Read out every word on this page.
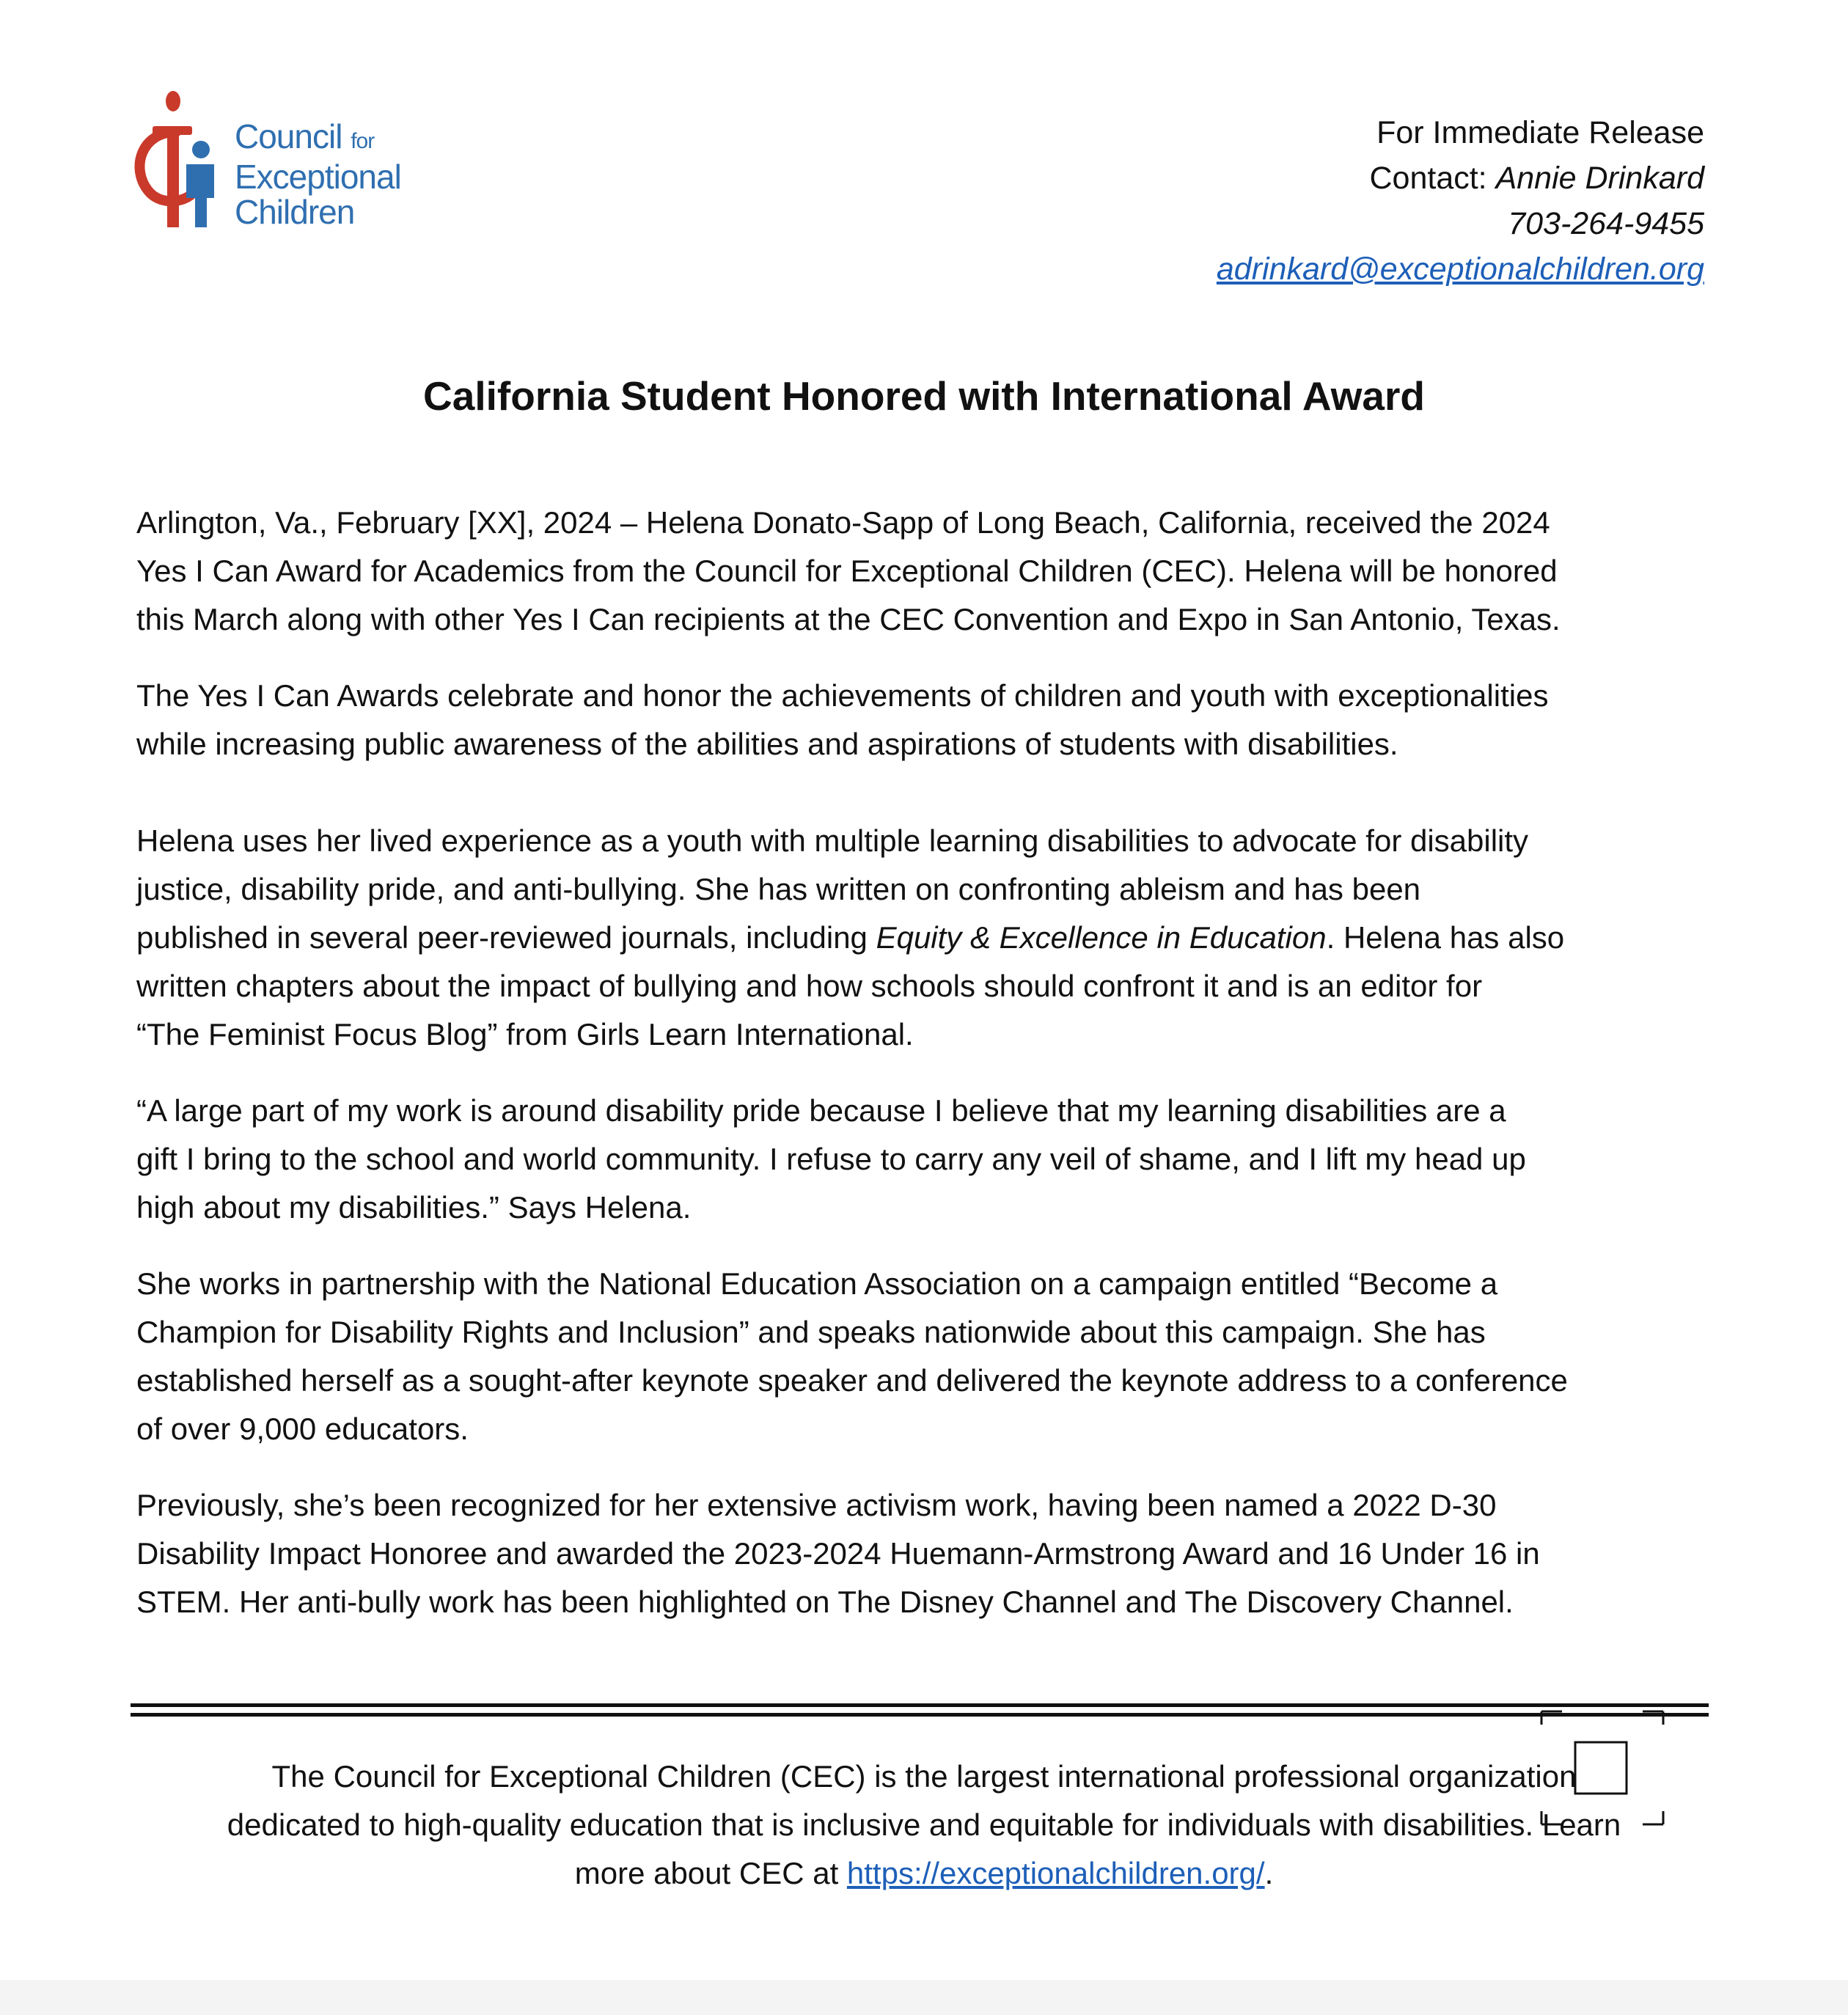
Council for
Exceptional
Children
For Immediate Release
Contact: Annie Drinkard
703-264-9455
adrinkard@exceptionalchildren.org
California Student Honored with International Award

Arlington, Va., February [XX], 2024 – Helena Donato-Sapp of Long Beach, California, received the 2024
Yes I Can Award for Academics from the Council for Exceptional Children (CEC). Helena will be honored
this March along with other Yes I Can recipients at the CEC Convention and Expo in San Antonio, Texas.

The Yes I Can Awards celebrate and honor the achievements of children and youth with exceptionalities
while increasing public awareness of the abilities and aspirations of students with disabilities.

Helena uses her lived experience as a youth with multiple learning disabilities to advocate for disability
justice, disability pride, and anti-bullying. She has written on confronting ableism and has been
published in several peer-reviewed journals, including Equity & Excellence in Education. Helena has also
written chapters about the impact of bullying and how schools should confront it and is an editor for
“The Feminist Focus Blog” from Girls Learn International.

“A large part of my work is around disability pride because I believe that my learning disabilities are a
gift I bring to the school and world community. I refuse to carry any veil of shame, and I lift my head up
high about my disabilities.” Says Helena.

She works in partnership with the National Education Association on a campaign entitled “Become a
Champion for Disability Rights and Inclusion” and speaks nationwide about this campaign. She has
established herself as a sought-after keynote speaker and delivered the keynote address to a conference
of over 9,000 educators.

Previously, she’s been recognized for her extensive activism work, having been named a 2022 D-30
Disability Impact Honoree and awarded the 2023-2024 Huemann-Armstrong Award and 16 Under 16 in
STEM. Her anti-bully work has been highlighted on The Disney Channel and The Discovery Channel.

The Council for Exceptional Children (CEC) is the largest international professional organization
dedicated to high-quality education that is inclusive and equitable for individuals with disabilities. Learn
more about CEC at https://exceptionalchildren.org/.
